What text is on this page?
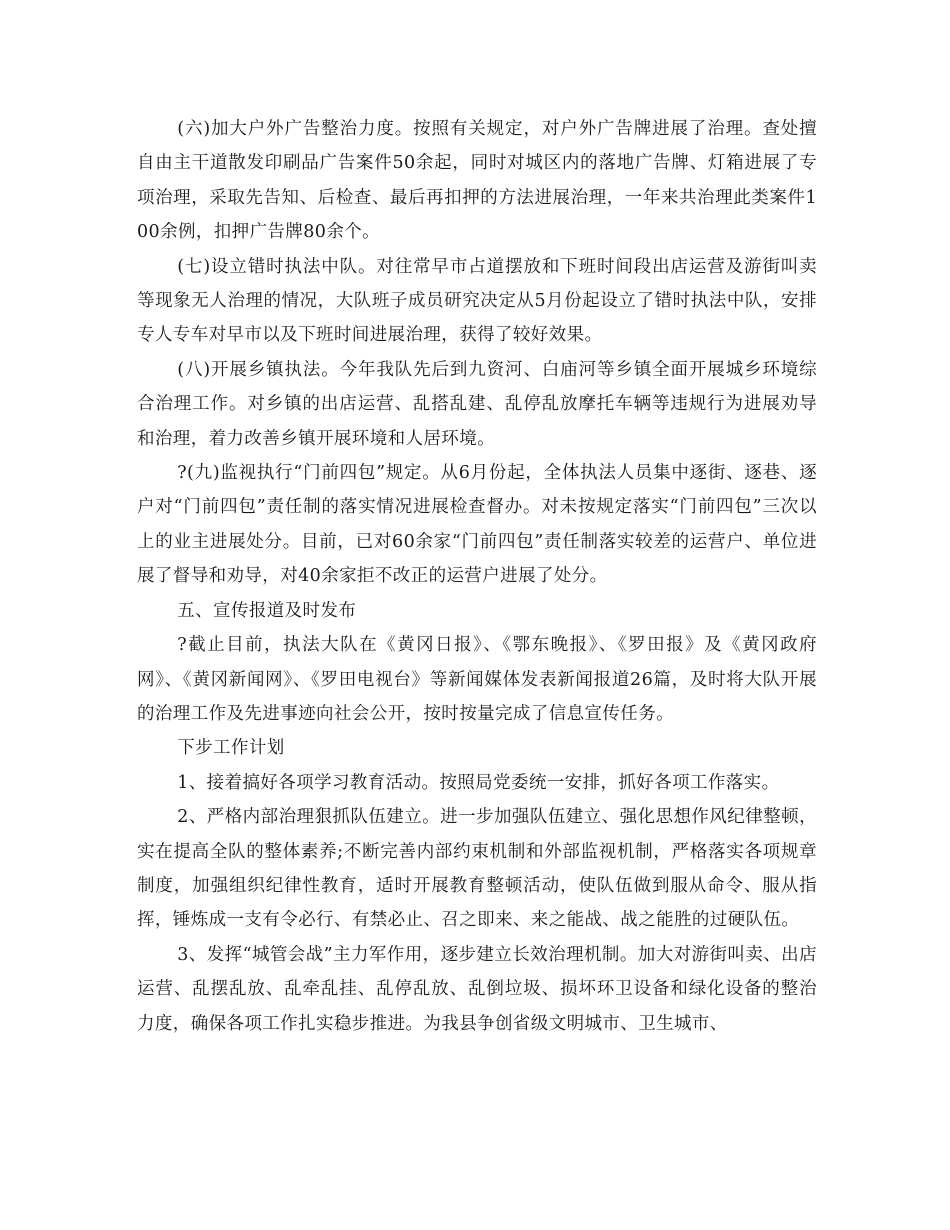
(六)加大户外广告整治力度。按照有关规定，对户外广告牌进展了治理。查处擅自由主干道散发印刷品广告案件50余起，同时对城区内的落地广告牌、灯箱进展了专项治理，采取先告知、后检查、最后再扣押的方法进展治理，一年来共治理此类案件100余例，扣押广告牌80余个。

(七)设立错时执法中队。对往常早市占道摆放和下班时间段出店运营及游街叫卖等现象无人治理的情况，大队班子成员研究决定从5月份起设立了错时执法中队，安排专人专车对早市以及下班时间进展治理，获得了较好效果。

(八)开展乡镇执法。今年我队先后到九资河、白庙河等乡镇全面开展城乡环境综合治理工作。对乡镇的出店运营、乱搭乱建、乱停乱放摩托车辆等违规行为进展劝导和治理，着力改善乡镇开展环境和人居环境。

?(九)监视执行“门前四包”规定。从6月份起，全体执法人员集中逐街、逐巷、逐户对“门前四包”责任制的落实情况进展检查督办。对未按规定落实“门前四包”三次以上的业主进展处分。目前，已对60余家“门前四包”责任制落实较差的运营户、单位进展了督导和劝导，对40余家拒不改正的运营户进展了处分。

五、宣传报道及时发布

?截止目前，执法大队在《黄冈日报》、《鄂东晚报》、《罗田报》及《黄冈政府网》、《黄冈新闻网》、《罗田电视台》等新闻媒体发表新闻报道26篇，及时将大队开展的治理工作及先进事迹向社会公开，按时按量完成了信息宣传任务。

下步工作计划

1、接着搞好各项学习教育活动。按照局党委统一安排，抓好各项工作落实。

2、严格内部治理狠抓队伍建立。进一步加强队伍建立、强化思想作风纪律整顿，实在提高全队的整体素养;不断完善内部约束机制和外部监视机制，严格落实各项规章制度，加强组织纪律性教育，适时开展教育整顿活动，使队伍做到服从命令、服从指挥，锤炼成一支有令必行、有禁必止、召之即来、来之能战、战之能胜的过硬队伍。

3、发挥“城管会战”主力军作用，逐步建立长效治理机制。加大对游街叫卖、出店运营、乱摆乱放、乱牵乱挂、乱停乱放、乱倒垃圾、损坏环卫设备和绿化设备的整治力度，确保各项工作扎实稳步推进。为我县争创省级文明城市、卫生城市、
